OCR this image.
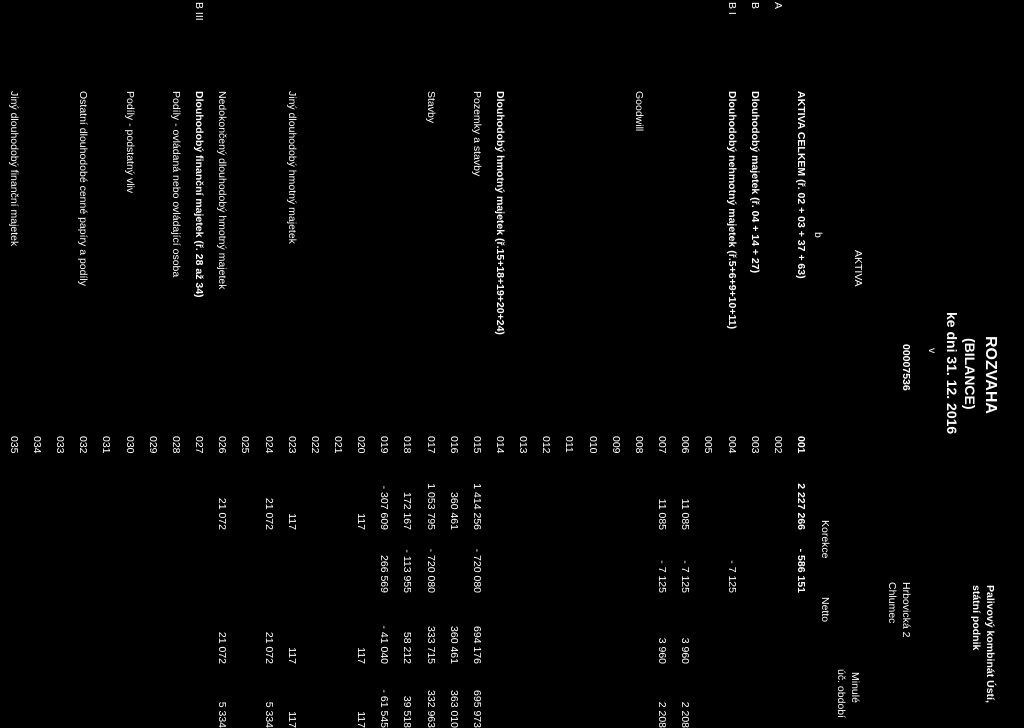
ROZVAHA
(BILANCE)
ke dni 31. 12. 2016
v
00007536
Palivový kombinát Ústí,
státní podnik
Hrbovická 2
Chlumec
AKTIVA
b
Korekce
Netto
Minulé
úč. období
AKTIVA CELKEM (ř. 02 + 03 + 37 + 63)
001
2 227 266
- 586 151
A
002
B
Dlouhodobý majetek (ř. 04 + 14 + 27)
003
B I
Dlouhodobý nehmotný majetek (ř.5+6+9+10+11)
004
- 7 125
005
006
11 085
- 7 125
3 960
2 208
007
11 085
- 7 125
3 960
2 208
Goodwill
008
009
010
011
012
013
Dlouhodobý hmotný majetek (ř.15+18+19+20+24)
014
Pozemky a stavby
015
1 414 256
- 720 080
694 176
695 973
016
360 461
360 461
363 010
Stavby
017
1 053 795
- 720 080
333 715
332 963
018
172 167
- 113 955
58 212
39 518
019
- 307 609
266 569
- 41 040
- 61 545
020
117
117
117
021
022
Jiný dlouhodobý hmotný majetek
023
117
117
117
024
21 072
21 072
5 334
025
Nedokončený dlouhodobý hmotný majetek
026
21 072
21 072
5 334
B III
Dlouhodobý finanční majetek (ř. 28 až 34)
027
Podíly - ovládaná nebo ovládající osoba
028
029
Podíly - podstatný vliv
030
031
Ostatní dlouhodobé cenné papíry a podíly
032
033
034
Jiný dlouhodobý finanční majetek
035
